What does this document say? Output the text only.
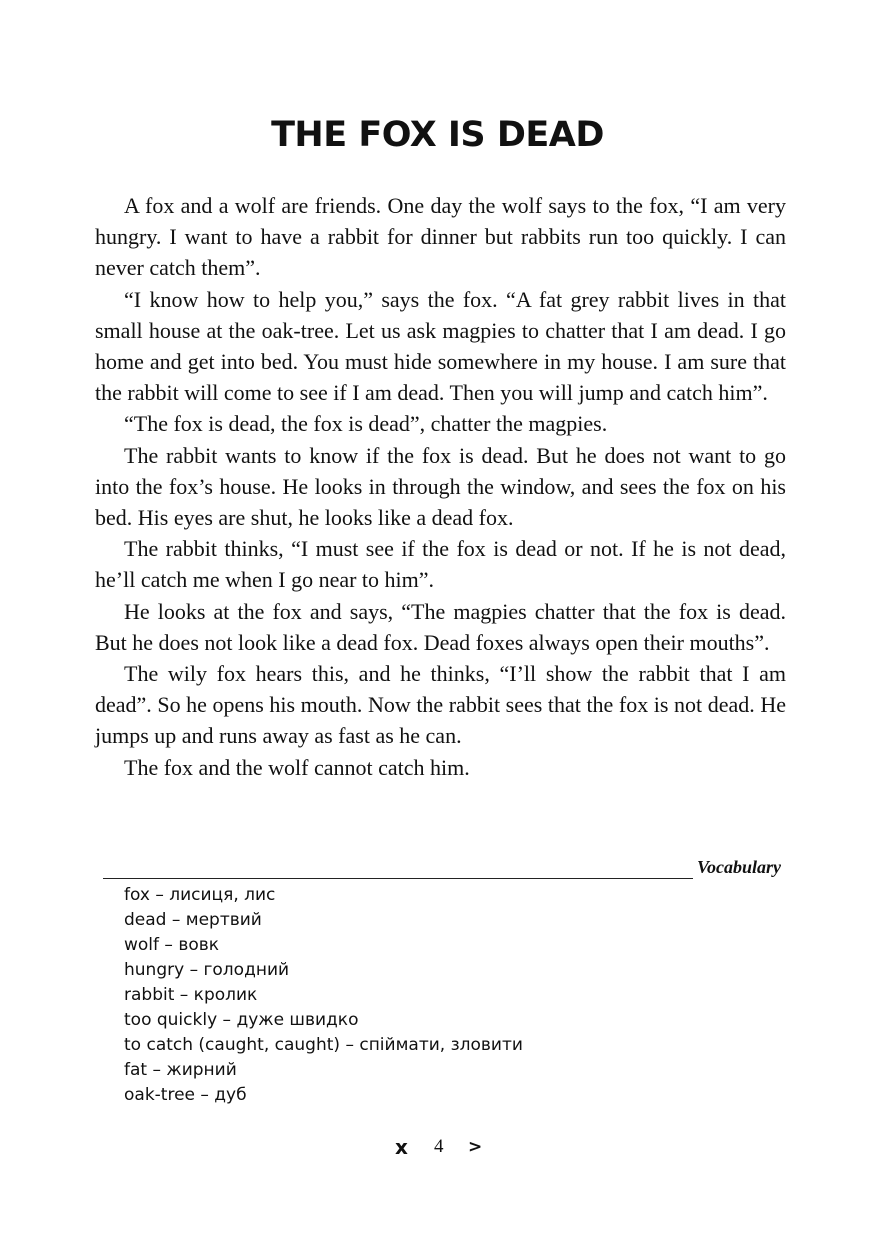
THE FOX IS DEAD

A fox and a wolf are friends. One day the wolf says to the fox, “I am very hungry. I want to have a rabbit for dinner but rabbits run too quickly. I can never catch them”.

“I know how to help you,” says the fox. “A fat grey rabbit lives in that small house at the oak-tree. Let us ask magpies to chatter that I am dead. I go home and get into bed. You must hide somewhere in my house. I am sure that the rabbit will come to see if I am dead. Then you will jump and catch him”.

“The fox is dead, the fox is dead”, chatter the magpies.

The rabbit wants to know if the fox is dead. But he does not want to go into the fox’s house. He looks in through the window, and sees the fox on his bed. His eyes are shut, he looks like a dead fox.

The rabbit thinks, “I must see if the fox is dead or not. If he is not dead, he’ll catch me when I go near to him”.

He looks at the fox and says, “The magpies chatter that the fox is dead. But he does not look like a dead fox. Dead foxes always open their mouths”.

The wily fox hears this, and he thinks, “I’ll show the rabbit that I am dead”. So he opens his mouth. Now the rabbit sees that the fox is not dead. He jumps up and runs away as fast as he can.

The fox and the wolf cannot catch him.

Vocabulary
fox – лисиця, лис
dead – мертвий
wolf – вовк
hungry – голодний
rabbit – кролик
too quickly – дуже швидко
to catch (caught, caught) – спіймати, зловити
fat – жирний
oak-tree – дуб
x 4 >
